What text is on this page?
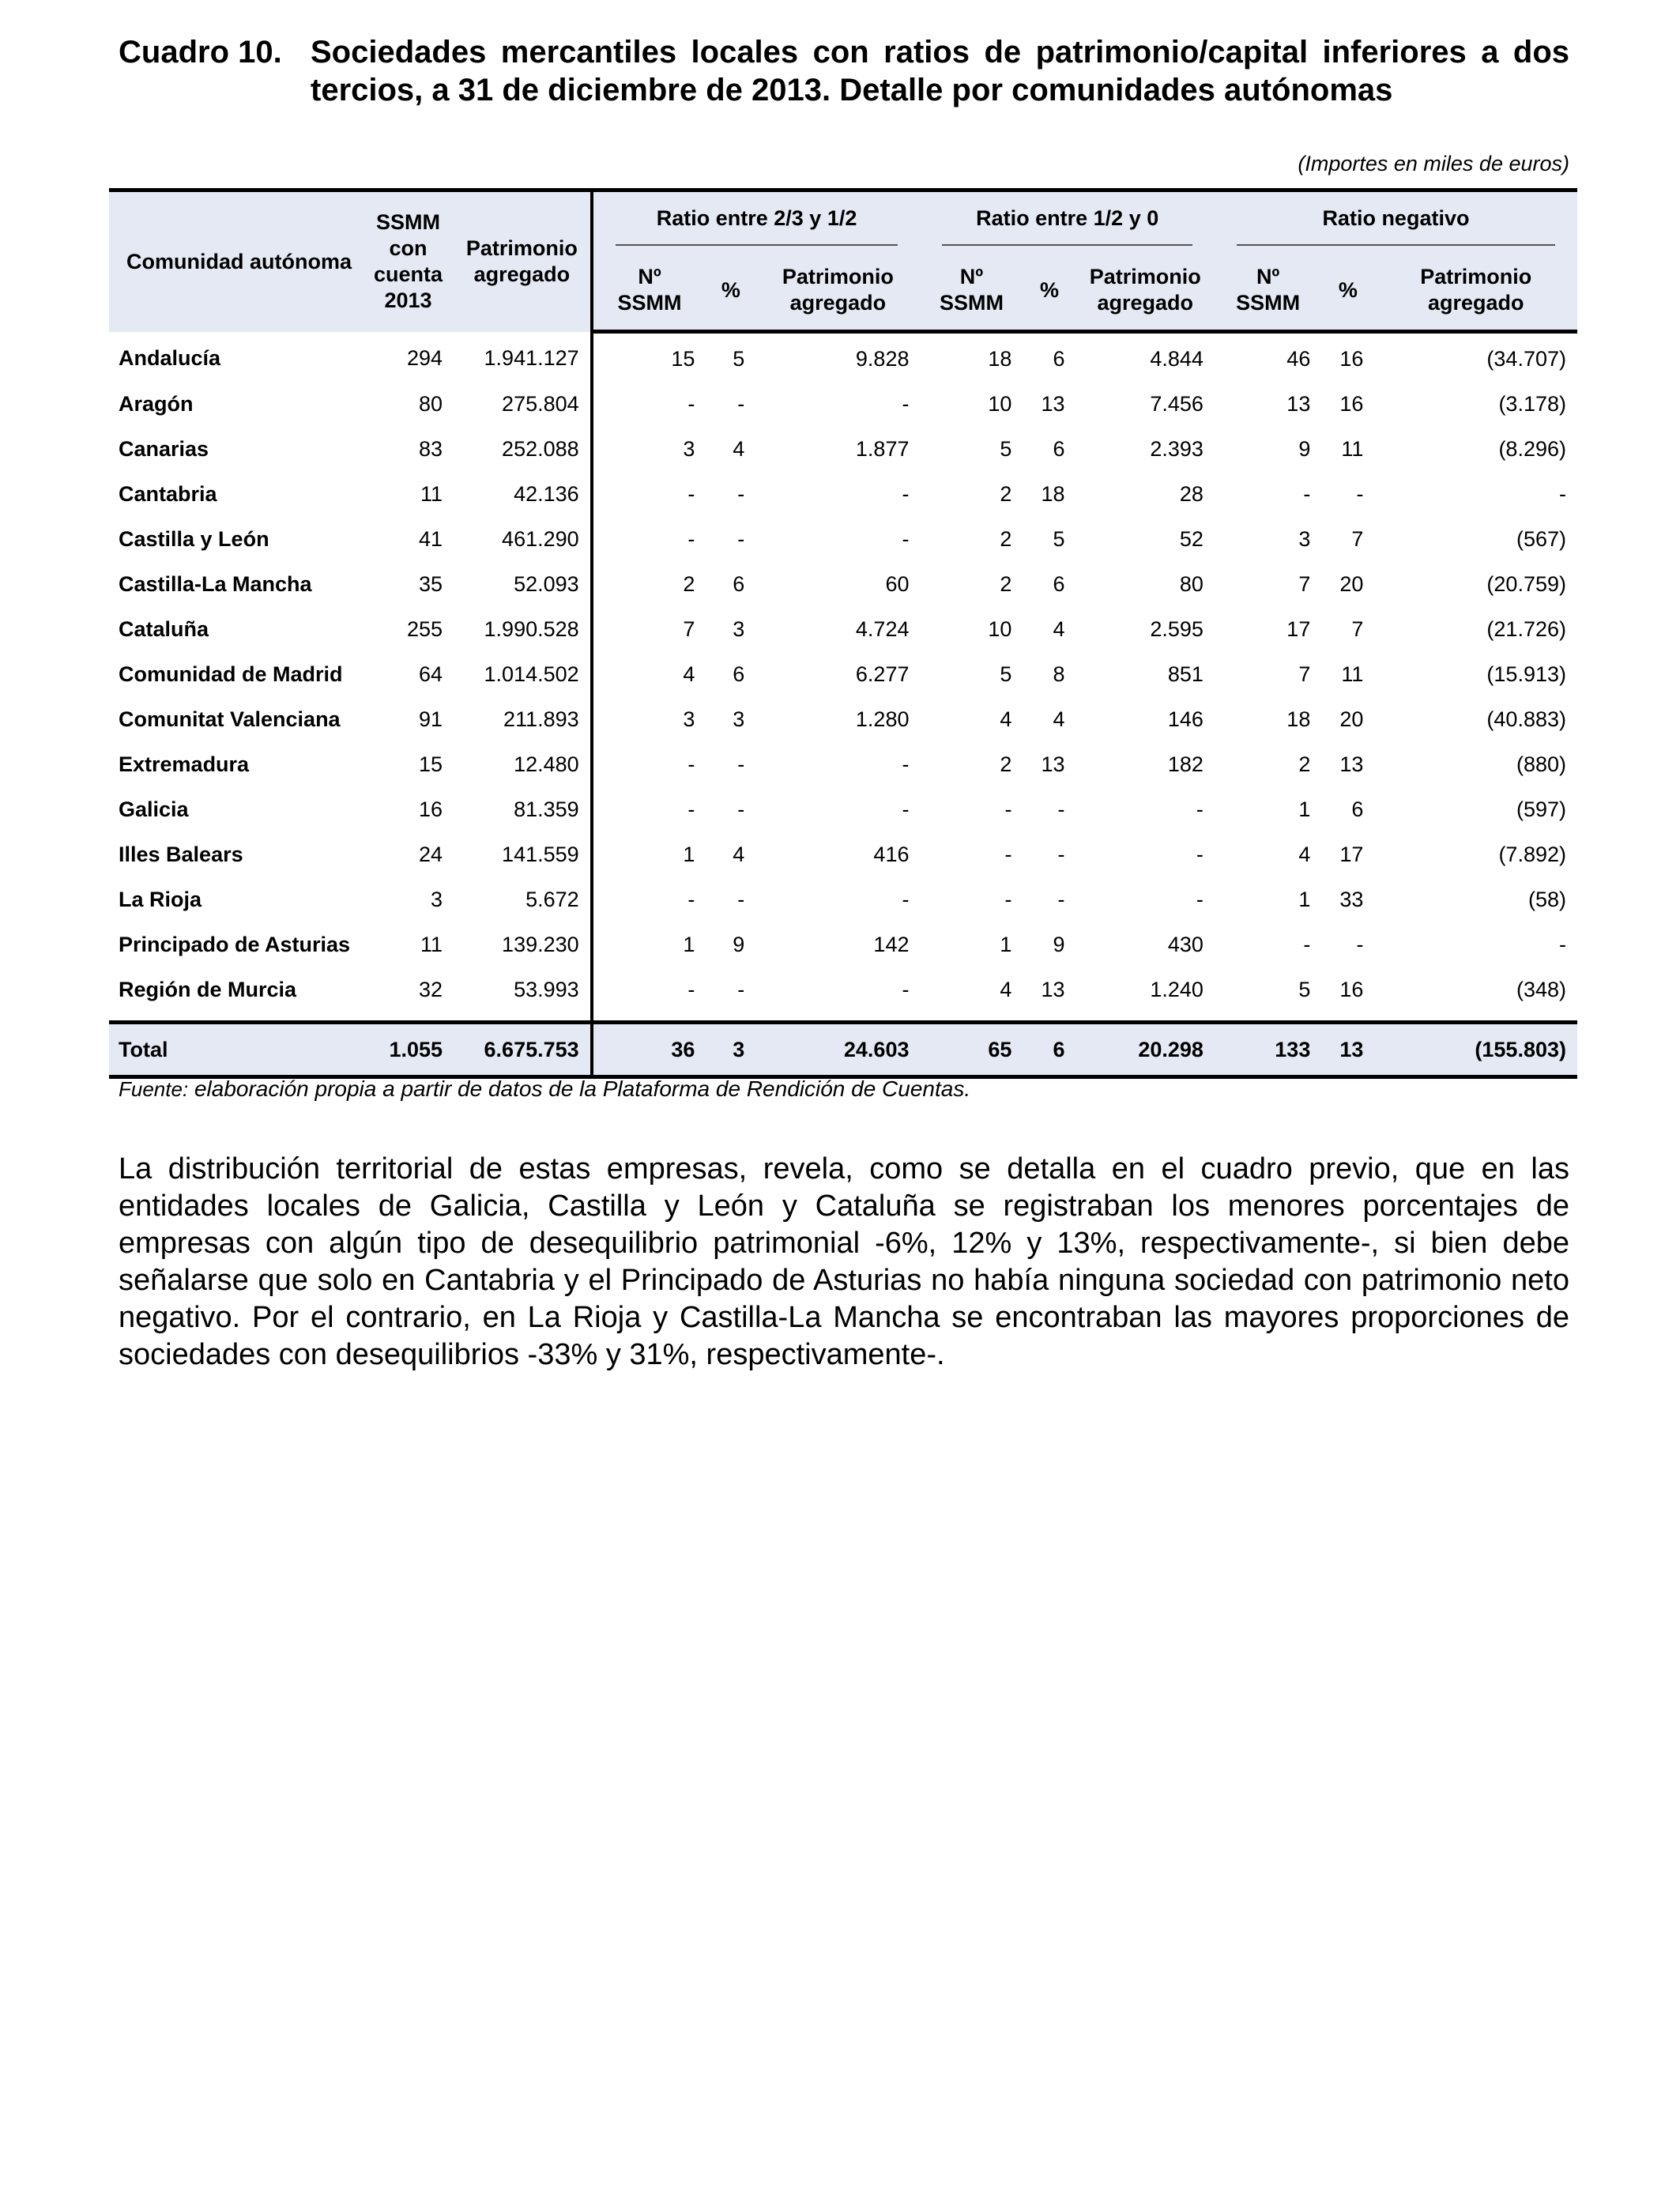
Cuadro 10. Sociedades mercantiles locales con ratios de patrimonio/capital inferiores a dos tercios, a 31 de diciembre de 2013. Detalle por comunidades autónomas
(Importes en miles de euros)
Comunidad autónoma	SSMM con cuenta 2013	Patrimonio agregado	Ratio entre 2/3 y 1/2			Ratio entre 1/2 y 0			Ratio negativo		

			Nº SSMM	%	Patrimonio agregado	Nº SSMM	%	Patrimonio agregado	Nº SSMM	%	Patrimonio agregado
Andalucía	294	1.941.127	15	5	9.828	18	6	4.844	46	16	(34.707)
Aragón	80	275.804	-	-	-	10	13	7.456	13	16	(3.178)
Canarias	83	252.088	3	4	1.877	5	6	2.393	9	11	(8.296)
Cantabria	11	42.136	-	-	-	2	18	28	-	-	-
Castilla y León	41	461.290	-	-	-	2	5	52	3	7	(567)
Castilla-La Mancha	35	52.093	2	6	60	2	6	80	7	20	(20.759)
Cataluña	255	1.990.528	7	3	4.724	10	4	2.595	17	7	(21.726)
Comunidad de Madrid	64	1.014.502	4	6	6.277	5	8	851	7	11	(15.913)
Comunitat Valenciana	91	211.893	3	3	1.280	4	4	146	18	20	(40.883)
Extremadura	15	12.480	-	-	-	2	13	182	2	13	(880)
Galicia	16	81.359	-	-	-	-	-	-	1	6	(597)
Illes Balears	24	141.559	1	4	416	-	-	-	4	17	(7.892)
La Rioja	3	5.672	-	-	-	-	-	-	1	33	(58)
Principado de Asturias	11	139.230	1	9	142	1	9	430	-	-	-
Región de Murcia	32	53.993	-	-	-	4	13	1.240	5	16	(348)

Total	1.055	6.675.753	36	3	24.603	65	6	20.298	133	13	(155.803)
Fuente: elaboración propia a partir de datos de la Plataforma de Rendición de Cuentas.
La distribución territorial de estas empresas, revela, como se detalla en el cuadro previo, que en las entidades locales de Galicia, Castilla y León y Cataluña se registraban los menores porcentajes de empresas con algún tipo de desequilibrio patrimonial -6%, 12% y 13%, respectivamente-, si bien debe señalarse que solo en Cantabria y el Principado de Asturias no había ninguna sociedad con patrimonio neto negativo. Por el contrario, en La Rioja y Castilla-La Mancha se encontraban las mayores proporciones de sociedades con desequilibrios -33% y 31%, respectivamente-.
